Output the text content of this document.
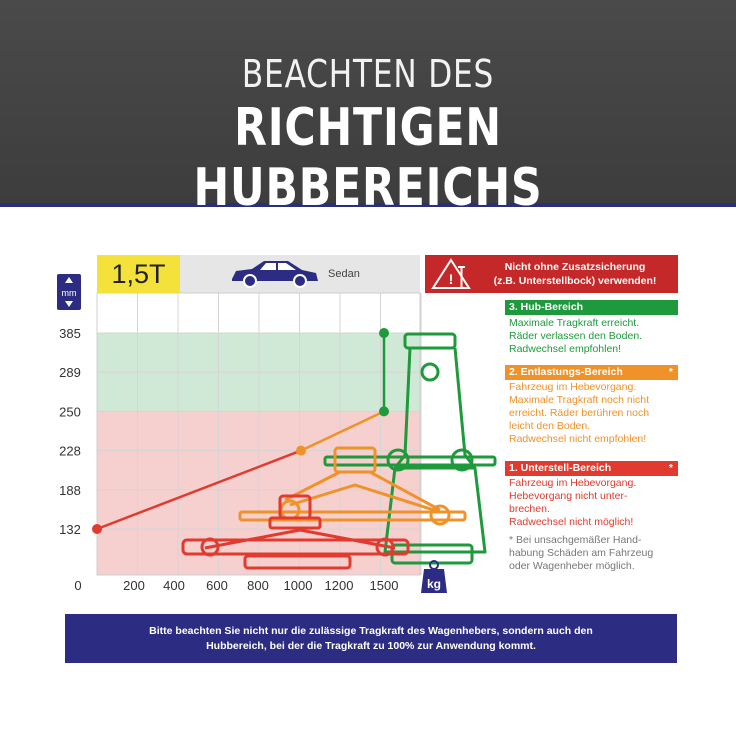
BEACHTEN DES
RICHTIGEN HUBBEREICHS
mm
385
289
250
228
188
132
0	200 400 600 800 1000 1200 1500 kg
1,5T	Sedan	!
Nicht ohne Zusatzsicherung
(z.B. Unterstellbock) verwenden!
3. Hub-Bereich
Maximale Tragkraft erreicht.
Räder verlassen den Boden.
Radwechsel empfohlen!
2. Entlastungs-Bereich	*
Fahrzeug im Hebevorgang.
Maximale Tragkraft noch nicht
erreicht. Räder berühren noch
leicht den Boden.
Radwechsel nicht empfohlen!
1. Unterstell-Bereich	*
Fahrzeug im Hebevorgang.
Hebevorgang nicht unter-
brechen.
Radwechsel nicht möglich!
* Bei unsachgemäßer Hand-
habung Schäden am Fahrzeug
oder Wagenheber möglich.
Bitte beachten Sie nicht nur die zulässige Tragkraft des Wagenhebers, sondern auch den
Hubbereich, bei der die Tragkraft zu 100% zur Anwendung kommt.
